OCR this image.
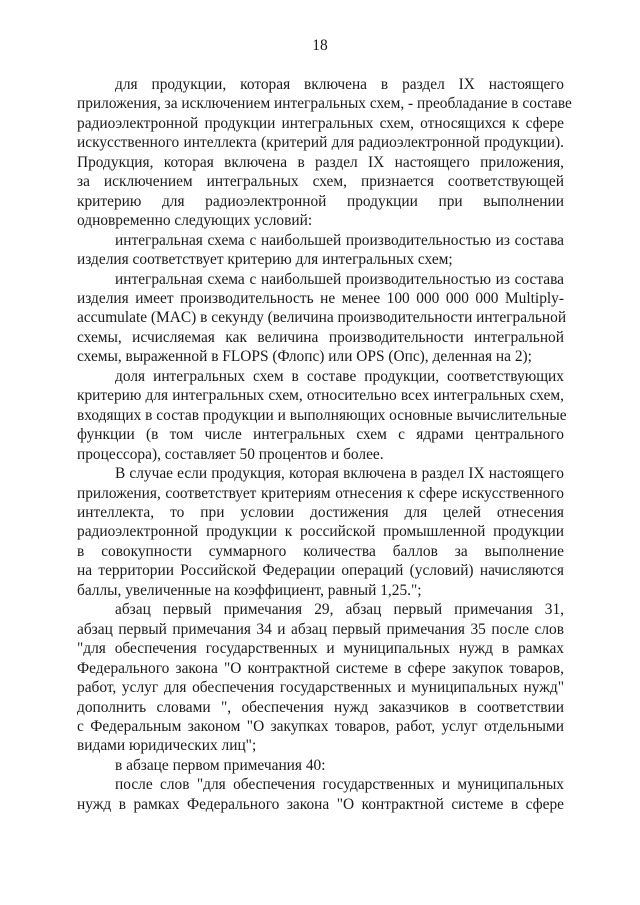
18

для продукции, которая включена в раздел IX настоящего
приложения, за исключением интегральных схем, - преобладание в составе
радиоэлектронной продукции интегральных схем, относящихся к сфере
искусственного интеллекта (критерий для радиоэлектронной продукции).
Продукция, которая включена в раздел IX настоящего приложения,
за исключением интегральных схем, признается соответствующей
критерию для радиоэлектронной продукции при выполнении
одновременно следующих условий:

интегральная схема с наибольшей производительностью из состава
изделия соответствует критерию для интегральных схем;

интегральная схема с наибольшей производительностью из состава
изделия имеет производительность не менее 100 000 000 000 Multiply-
accumulate (MAC) в секунду (величина производительности интегральной
схемы, исчисляемая как величина производительности интегральной
схемы, выраженной в FLOPS (Флопс) или OPS (Опс), деленная на 2);

доля интегральных схем в составе продукции, соответствующих
критерию для интегральных схем, относительно всех интегральных схем,
входящих в состав продукции и выполняющих основные вычислительные
функции (в том числе интегральных схем с ядрами центрального
процессора), составляет 50 процентов и более.

В случае если продукция, которая включена в раздел IX настоящего
приложения, соответствует критериям отнесения к сфере искусственного
интеллекта, то при условии достижения для целей отнесения
радиоэлектронной продукции к российской промышленной продукции
в совокупности суммарного количества баллов за выполнение
на территории Российской Федерации операций (условий) начисляются
баллы, увеличенные на коэффициент, равный 1,25.";

абзац первый примечания 29, абзац первый примечания 31,
абзац первый примечания 34 и абзац первый примечания 35 после слов
"для обеспечения государственных и муниципальных нужд в рамках
Федерального закона "О контрактной системе в сфере закупок товаров,
работ, услуг для обеспечения государственных и муниципальных нужд"
дополнить словами ", обеспечения нужд заказчиков в соответствии
с Федеральным законом "О закупках товаров, работ, услуг отдельными
видами юридических лиц";

в абзаце первом примечания 40:

после слов "для обеспечения государственных и муниципальных
нужд в рамках Федерального закона "О контрактной системе в сфере
